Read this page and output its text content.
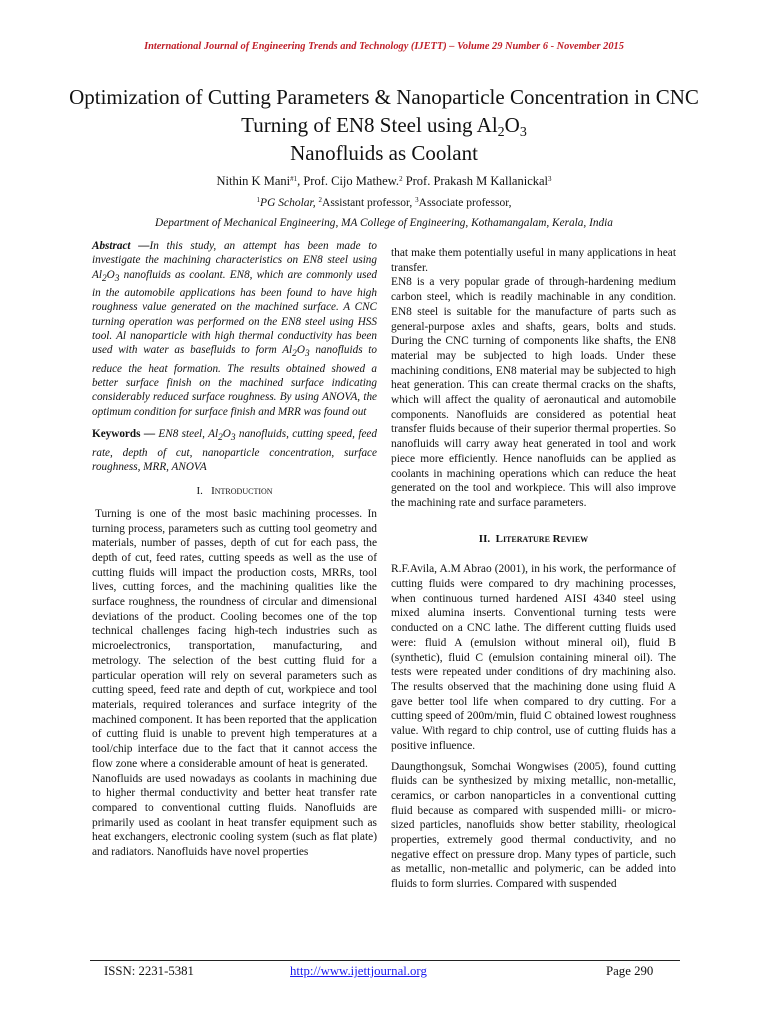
International Journal of Engineering Trends and Technology (IJETT) – Volume 29 Number 6 - November 2015
Optimization of Cutting Parameters & Nanoparticle Concentration in CNC Turning of EN8 Steel using $Al_2O_3$
Nanofluids as Coolant
Nithin K Mani$^{\#1}$, Prof. Cijo Mathew.$^2$ Prof. Prakash M Kallanickal$^3$
$^1$PG Scholar, $^2$Assistant professor, $^3$Associate professor,
Department of Mechanical Engineering, MA College of Engineering, Kothamangalam, Kerala, India

Abstract —In this study, an attempt has been made to investigate the machining characteristics on EN8 steel using $Al_2O_3$ nanofluids as coolant. EN8, which are commonly used in the automobile applications has been found to have high roughness value generated on the machined surface. A CNC turning operation was performed on the EN8 steel using HSS tool. Al nanoparticle with high thermal conductivity has been used with water as basefluids to form $Al_2O_3$ nanofluids to reduce the heat formation. The results obtained showed a better surface finish on the machined surface indicating considerably reduced surface roughness. By using ANOVA, the optimum condition for surface finish and MRR was found out

Keywords — EN8 steel, $Al_2O_3$ nanofluids, cutting speed, feed rate, depth of cut, nanoparticle concentration, surface roughness, MRR, ANOVA

I. Introduction

Turning is one of the most basic machining processes. In turning process, parameters such as cutting tool geometry and materials, number of passes, depth of cut for each pass, the depth of cut, feed rates, cutting speeds as well as the use of cutting fluids will impact the production costs, MRRs, tool lives, cutting forces, and the machining qualities like the surface roughness, the roundness of circular and dimensional deviations of the product. Cooling becomes one of the top technical challenges facing high-tech industries such as microelectronics, transportation, manufacturing, and metrology. The selection of the best cutting fluid for a particular operation will rely on several parameters such as cutting speed, feed rate and depth of cut, workpiece and tool materials, required tolerances and surface integrity of the machined component. It has been reported that the application of cutting fluid is unable to prevent high temperatures at a tool/chip interface due to the fact that it cannot access the flow zone where a considerable amount of heat is generated.

Nanofluids are used nowadays as coolants in machining due to higher thermal conductivity and better heat transfer rate compared to conventional cutting fluids. Nanofluids are primarily used as coolant in heat transfer equipment such as heat exchangers, electronic cooling system (such as flat plate) and radiators. Nanofluids have novel properties

that make them potentially useful in many applications in heat transfer.

EN8 is a very popular grade of through-hardening medium carbon steel, which is readily machinable in any condition. EN8 steel is suitable for the manufacture of parts such as general-purpose axles and shafts, gears, bolts and studs. During the CNC turning of components like shafts, the EN8 material may be subjected to high loads. Under these machining conditions, EN8 material may be subjected to high heat generation. This can create thermal cracks on the shafts, which will affect the quality of aeronautical and automobile components. Nanofluids are considered as potential heat transfer fluids because of their superior thermal properties. So nanofluids will carry away heat generated in tool and work piece more efficiently. Hence nanofluids can be applied as coolants in machining operations which can reduce the heat generated on the tool and workpiece. This will also improve the machining rate and surface parameters.

II. Literature Review

R.F.Avila, A.M Abrao (2001), in his work, the performance of cutting fluids were compared to dry machining processes, when continuous turned hardened AISI 4340 steel using mixed alumina inserts. Conventional turning tests were conducted on a CNC lathe. The different cutting fluids used were: fluid A (emulsion without mineral oil), fluid B (synthetic), fluid C (emulsion containing mineral oil). The tests were repeated under conditions of dry machining also. The results observed that the machining done using fluid A gave better tool life when compared to dry cutting. For a cutting speed of 200m/min, fluid C obtained lowest roughness value. With regard to chip control, use of cutting fluids has a positive influence.

Daungthongsuk, Somchai Wongwises (2005), found cutting fluids can be synthesized by mixing metallic, non-metallic, ceramics, or carbon nanoparticles in a conventional cutting fluid because as compared with suspended milli- or micro-sized particles, nanofluids show better stability, rheological properties, extremely good thermal conductivity, and no negative effect on pressure drop. Many types of particle, such as metallic, non-metallic and polymeric, can be added into fluids to form slurries. Compared with suspended

ISSN: 2231-5381	http://www.ijettjournal.org	Page 290
